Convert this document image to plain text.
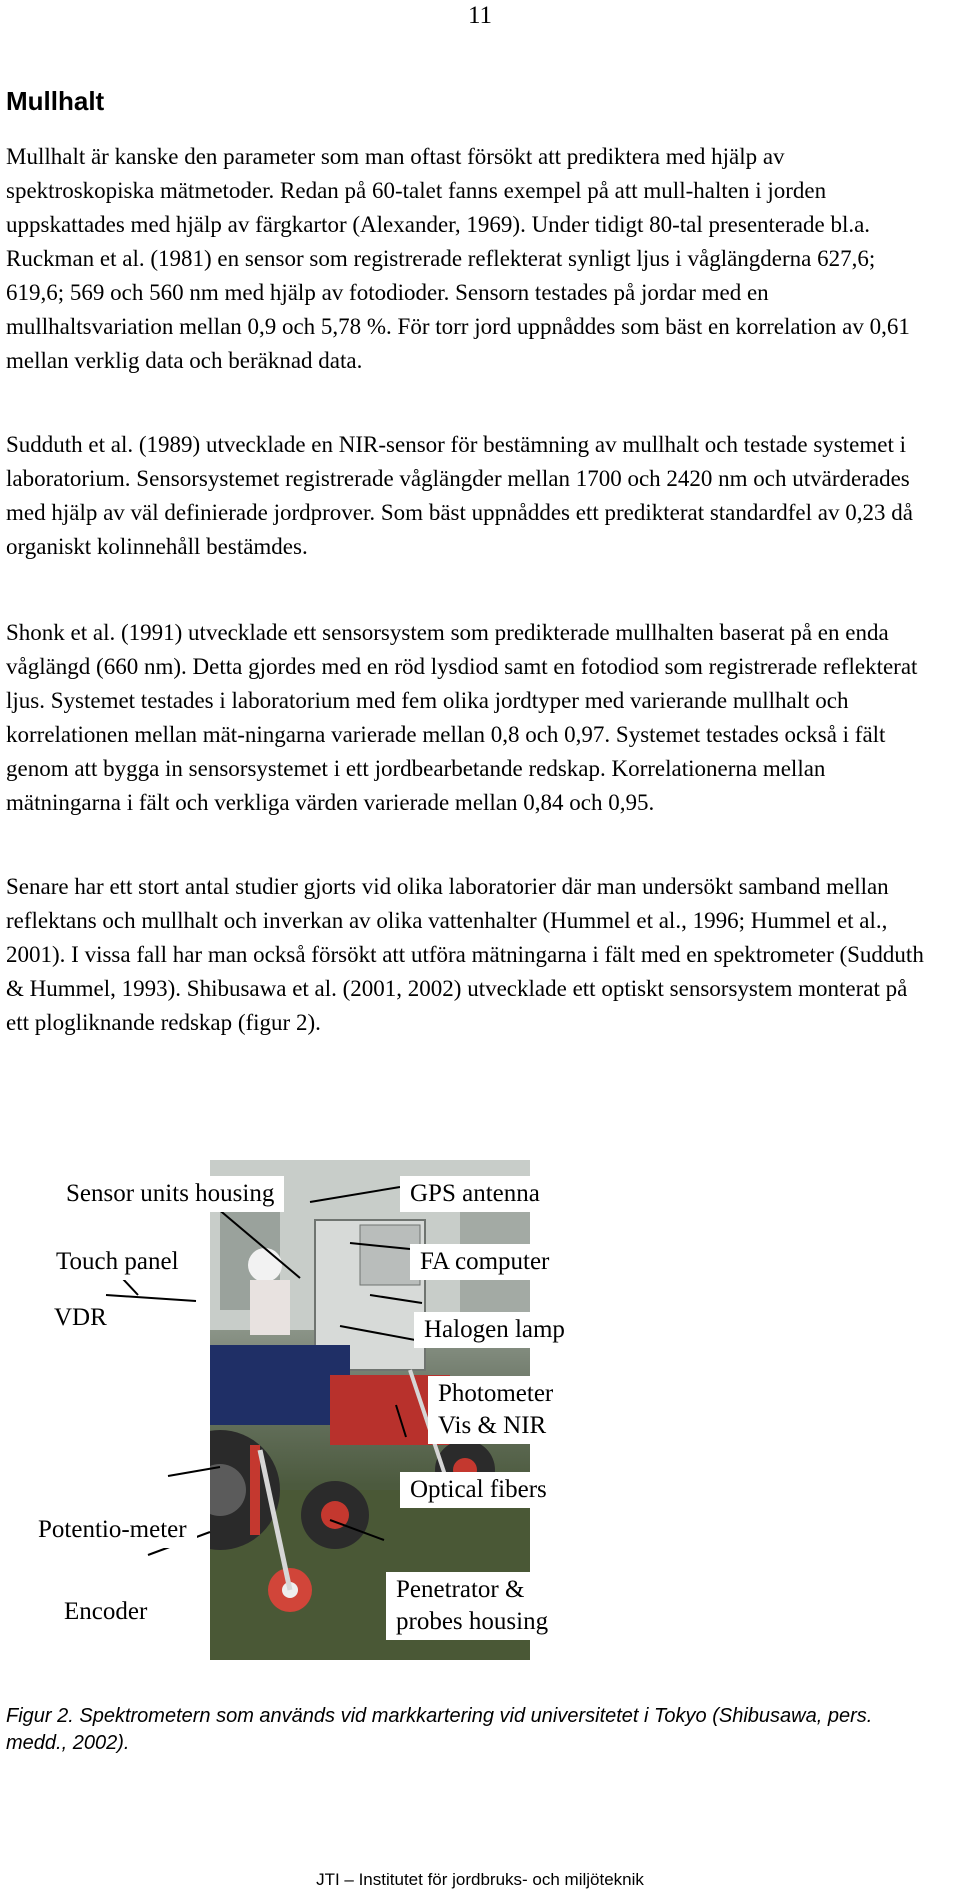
11
Mullhalt

Mullhalt är kanske den parameter som man oftast försökt att prediktera med hjälp av spektroskopiska mätmetoder. Redan på 60-talet fanns exempel på att mull-halten i jorden uppskattades med hjälp av färgkartor (Alexander, 1969). Under tidigt 80-tal presenterade bl.a. Ruckman et al. (1981) en sensor som registrerade reflekterat synligt ljus i våglängderna 627,6; 619,6; 569 och 560 nm med hjälp av fotodioder. Sensorn testades på jordar med en mullhaltsvariation mellan 0,9 och 5,78 %. För torr jord uppnåddes som bäst en korrelation av 0,61 mellan verklig data och beräknad data.

Sudduth et al. (1989) utvecklade en NIR-sensor för bestämning av mullhalt och testade systemet i laboratorium. Sensorsystemet registrerade våglängder mellan 1700 och 2420 nm och utvärderades med hjälp av väl definierade jordprover. Som bäst uppnåddes ett predikterat standardfel av 0,23 då organiskt kolinnehåll bestämdes.

Shonk et al. (1991) utvecklade ett sensorsystem som predikterade mullhalten baserat på en enda våglängd (660 nm). Detta gjordes med en röd lysdiod samt en fotodiod som registrerade reflekterat ljus. Systemet testades i laboratorium med fem olika jordtyper med varierande mullhalt och korrelationen mellan mät-ningarna varierade mellan 0,8 och 0,97. Systemet testades också i fält genom att bygga in sensorsystemet i ett jordbearbetande redskap. Korrelationerna mellan mätningarna i fält och verkliga värden varierade mellan 0,84 och 0,95.

Senare har ett stort antal studier gjorts vid olika laboratorier där man undersökt samband mellan reflektans och mullhalt och inverkan av olika vattenhalter (Hummel et al., 1996; Hummel et al., 2001). I vissa fall har man också försökt att utföra mätningarna i fält med en spektrometer (Sudduth & Hummel, 1993). Shibusawa et al. (2001, 2002) utvecklade ett optiskt sensorsystem monterat på ett plogliknande redskap (figur 2).

Sensor units housing
Touch panel
VDR
Potentio-meter
Encoder
GPS antenna
FA computer
Halogen lamp
Photometer
Vis & NIR
Optical fibers
Penetrator &
probes housing

Figur 2. Spektrometern som används vid markkartering vid universitetet i Tokyo (Shibusawa, pers. medd., 2002).

JTI – Institutet för jordbruks- och miljöteknik
